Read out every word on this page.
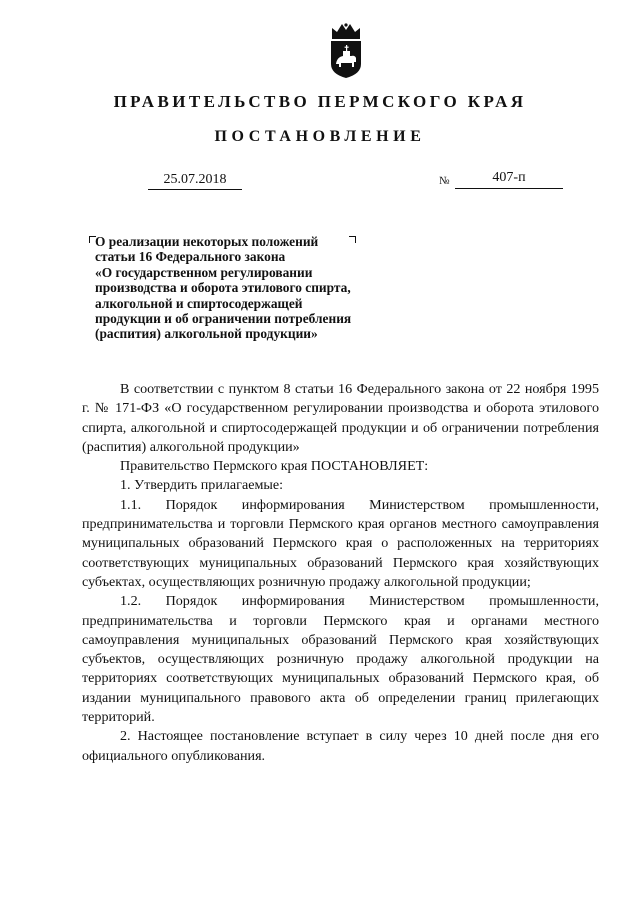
ПРАВИТЕЛЬСТВО ПЕРМСКОГО КРАЯ
ПОСТАНОВЛЕНИЕ
25.07.2018	№	407-п
О реализации некоторых положений
статьи 16 Федерального закона
«О государственном регулировании
производства и оборота этилового спирта,
алкогольной и спиртосодержащей
продукции и об ограничении потребления
(распития) алкогольной продукции»

В соответствии с пунктом 8 статьи 16 Федерального закона от 22 ноября 1995 г. № 171-ФЗ «О государственном регулировании производства и оборота этилового спирта, алкогольной и спиртосодержащей продукции и об ограничении потребления (распития) алкогольной продукции»

Правительство Пермского края ПОСТАНОВЛЯЕТ:

1. Утвердить прилагаемые:

1.1. Порядок информирования Министерством промышленности, предпринимательства и торговли Пермского края органов местного самоуправления муниципальных образований Пермского края о расположенных на территориях соответствующих муниципальных образований Пермского края хозяйствующих субъектах, осуществляющих розничную продажу алкогольной продукции;

1.2. Порядок информирования Министерством промышленности, предпринимательства и торговли Пермского края и органами местного самоуправления муниципальных образований Пермского края хозяйствующих субъектов, осуществляющих розничную продажу алкогольной продукции на территориях соответствующих муниципальных образований Пермского края, об издании муниципального правового акта об определении границ прилегающих территорий.

2. Настоящее постановление вступает в силу через 10 дней после дня его официального опубликования.
